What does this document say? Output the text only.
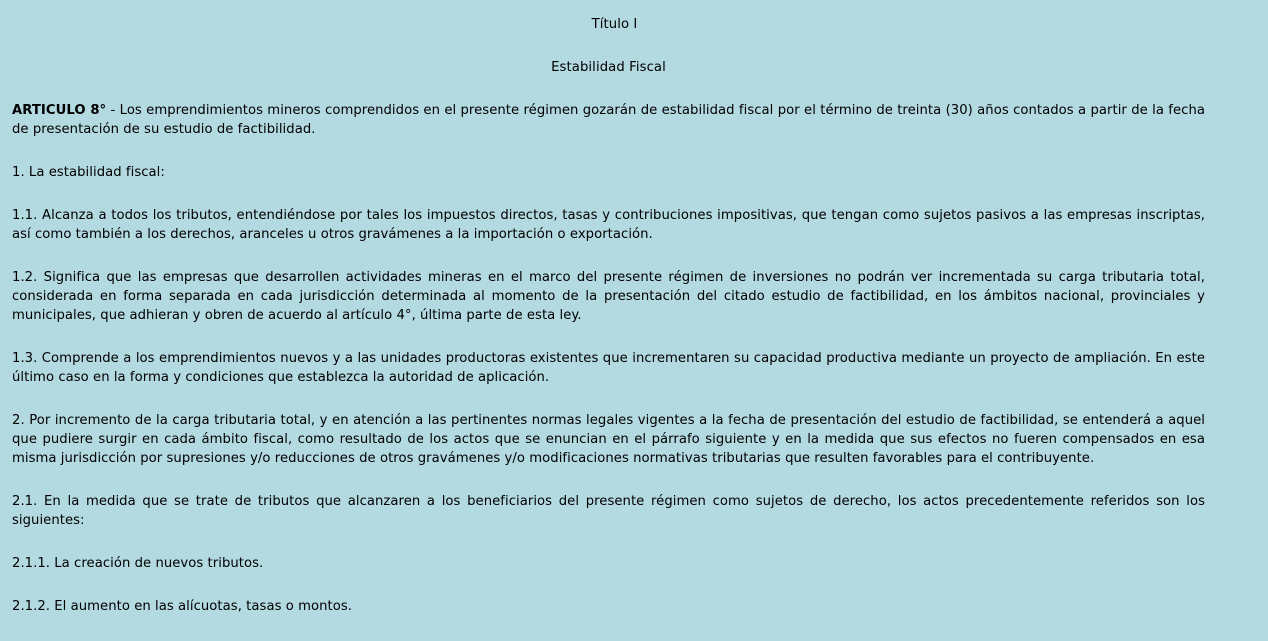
Título I
Estabilidad Fiscal

ARTICULO 8° - Los emprendimientos mineros comprendidos en el presente régimen gozarán de estabilidad fiscal por el término de treinta (30) años contados a partir de la fecha de presentación de su estudio de factibilidad.

1. La estabilidad fiscal:

1.1. Alcanza a todos los tributos, entendiéndose por tales los impuestos directos, tasas y contribuciones impositivas, que tengan como sujetos pasivos a las empresas inscriptas, así como también a los derechos, aranceles u otros gravámenes a la importación o exportación.

1.2. Significa que las empresas que desarrollen actividades mineras en el marco del presente régimen de inversiones no podrán ver incrementada su carga tributaria total, considerada en forma separada en cada jurisdicción determinada al momento de la presentación del citado estudio de factibilidad, en los ámbitos nacional, provinciales y municipales, que adhieran y obren de acuerdo al artículo 4°, última parte de esta ley.

1.3. Comprende a los emprendimientos nuevos y a las unidades productoras existentes que incrementaren su capacidad productiva mediante un proyecto de ampliación. En este último caso en la forma y condiciones que establezca la autoridad de aplicación.

2. Por incremento de la carga tributaria total, y en atención a las pertinentes normas legales vigentes a la fecha de presentación del estudio de factibilidad, se entenderá a aquel que pudiere surgir en cada ámbito fiscal, como resultado de los actos que se enuncian en el párrafo siguiente y en la medida que sus efectos no fueren compensados en esa misma jurisdicción por supresiones y/o reducciones de otros gravámenes y/o modificaciones normativas tributarias que resulten favorables para el contribuyente.

2.1. En la medida que se trate de tributos que alcanzaren a los beneficiarios del presente régimen como sujetos de derecho, los actos precedentemente referidos son los siguientes:

2.1.1. La creación de nuevos tributos.

2.1.2. El aumento en las alícuotas, tasas o montos.
